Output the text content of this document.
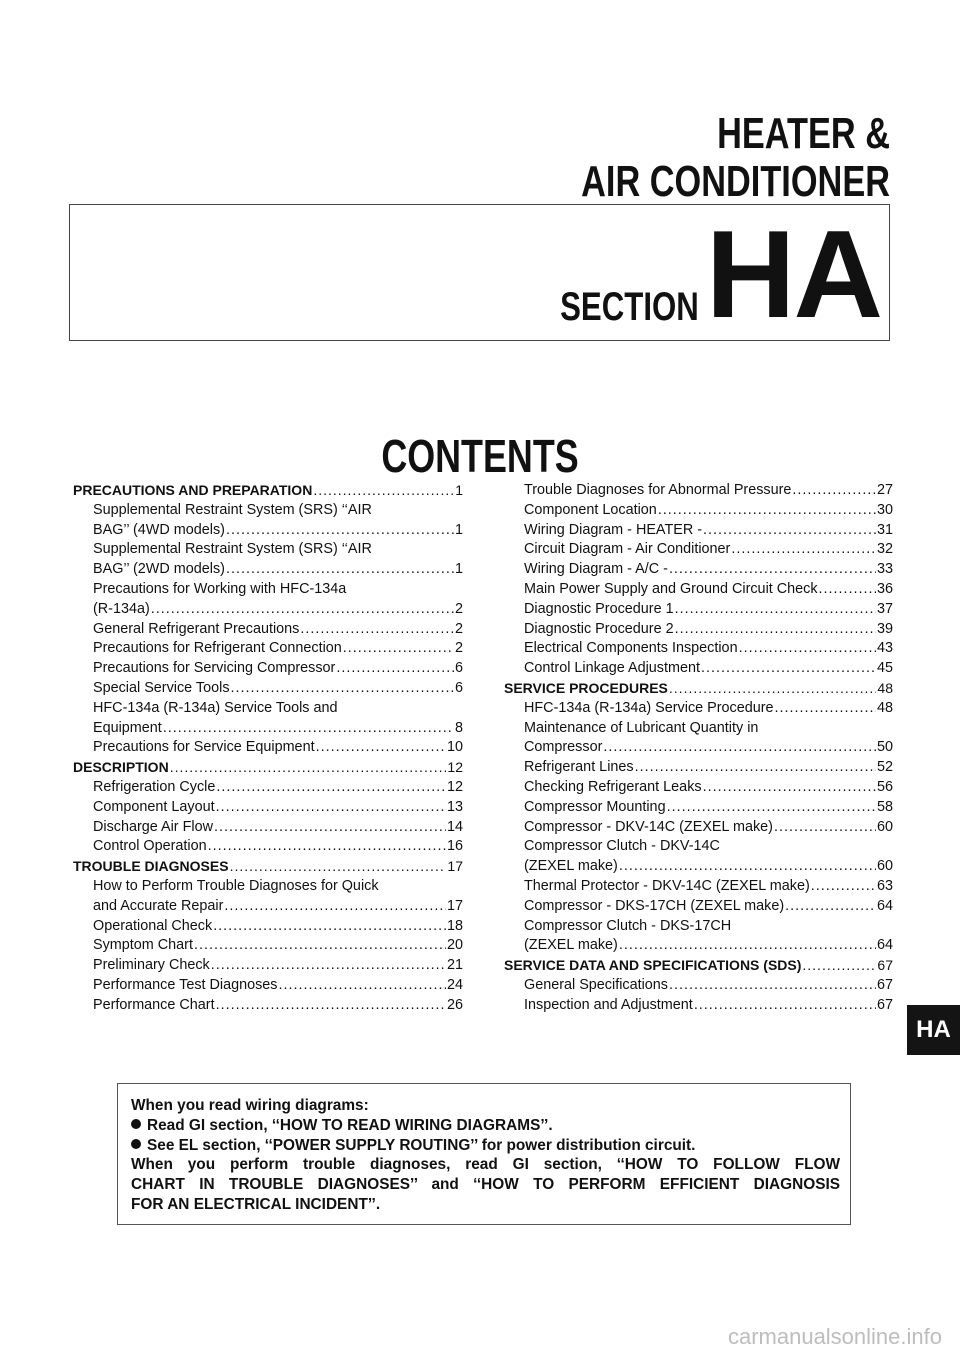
HEATER &
AIR CONDITIONER
SECTION HA
CONTENTS
PRECAUTIONS AND PREPARATION .....	1
Supplemental Restraint System (SRS) ‘‘AIR
BAG’’ (4WD models) .....	1
Supplemental Restraint System (SRS) ‘‘AIR
BAG’’ (2WD models) .....	1
Precautions for Working with HFC-134a
(R-134a) .....	2
General Refrigerant Precautions .....	2
Precautions for Refrigerant Connection .....	2
Precautions for Servicing Compressor .....	6
Special Service Tools .....	6
HFC-134a (R-134a) Service Tools and
Equipment .....	8
Precautions for Service Equipment .....	10
DESCRIPTION .....	12
Refrigeration Cycle .....	12
Component Layout .....	13
Discharge Air Flow .....	14
Control Operation .....	16
TROUBLE DIAGNOSES .....	17
How to Perform Trouble Diagnoses for Quick
and Accurate Repair .....	17
Operational Check .....	18
Symptom Chart .....	20
Preliminary Check .....	21
Performance Test Diagnoses .....	24
Performance Chart .....	26
Trouble Diagnoses for Abnormal Pressure .....	27
Component Location .....	30
Wiring Diagram - HEATER - .....	31
Circuit Diagram - Air Conditioner .....	32
Wiring Diagram - A/C - .....	33
Main Power Supply and Ground Circuit Check .....	36
Diagnostic Procedure 1 .....	37
Diagnostic Procedure 2 .....	39
Electrical Components Inspection .....	43
Control Linkage Adjustment .....	45
SERVICE PROCEDURES .....	48
HFC-134a (R-134a) Service Procedure .....	48
Maintenance of Lubricant Quantity in
Compressor .....	50
Refrigerant Lines .....	52
Checking Refrigerant Leaks .....	56
Compressor Mounting .....	58
Compressor - DKV-14C (ZEXEL make) .....	60
Compressor Clutch - DKV-14C
(ZEXEL make) .....	60
Thermal Protector - DKV-14C (ZEXEL make) .....	63
Compressor - DKS-17CH (ZEXEL make) .....	64
Compressor Clutch - DKS-17CH
(ZEXEL make) .....	64
SERVICE DATA AND SPECIFICATIONS (SDS) .....	67
General Specifications .....	67
Inspection and Adjustment .....	67
HA
When you read wiring diagrams:
Read GI section, ‘‘HOW TO READ WIRING DIAGRAMS’’.
See EL section, ‘‘POWER SUPPLY ROUTING’’ for power distribution circuit.
When you perform trouble diagnoses, read GI section, ‘‘HOW TO FOLLOW FLOW
CHART IN TROUBLE DIAGNOSES’’ and ‘‘HOW TO PERFORM EFFICIENT DIAGNOSIS
FOR AN ELECTRICAL INCIDENT’’.
carmanualsonline.info
